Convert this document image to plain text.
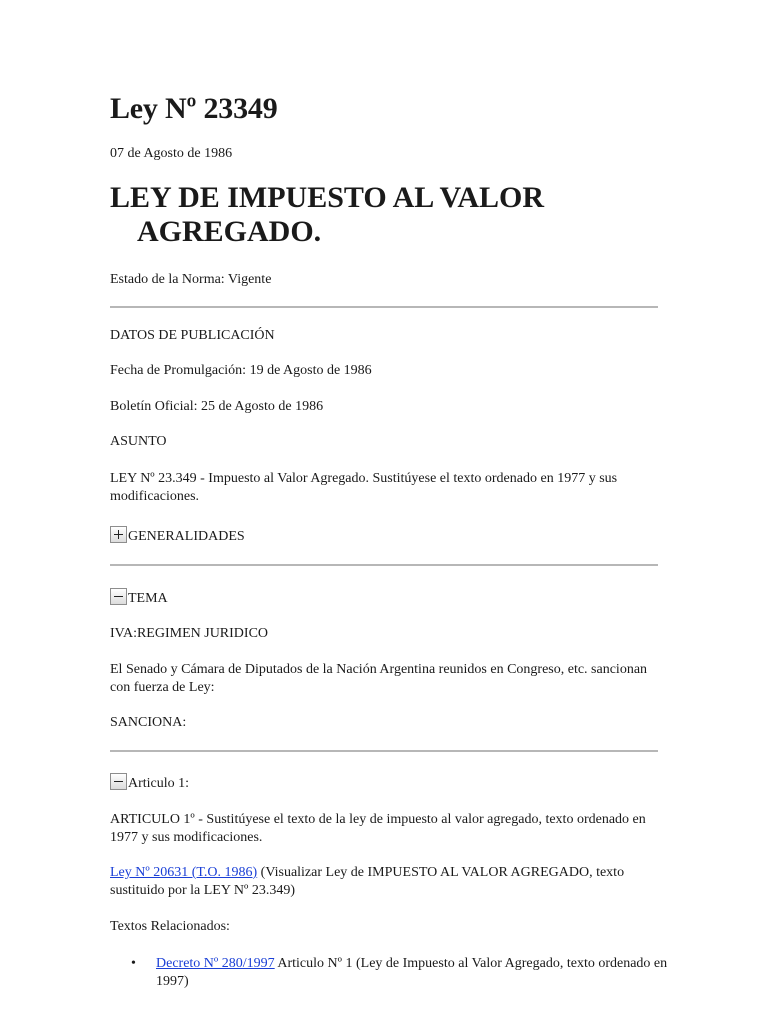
Ley Nº 23349
07 de Agosto de 1986
LEY DE IMPUESTO AL VALOR
AGREGADO.
Estado de la Norma: Vigente
DATOS DE PUBLICACIÓN
Fecha de Promulgación: 19 de Agosto de 1986
Boletín Oficial: 25 de Agosto de 1986
ASUNTO
LEY Nº 23.349 - Impuesto al Valor Agregado. Sustitúyese el texto ordenado en 1977 y sus modificaciones.
GENERALIDADES
TEMA
IVA:REGIMEN JURIDICO
El Senado y Cámara de Diputados de la Nación Argentina reunidos en Congreso, etc. sancionan con fuerza de Ley:
SANCIONA:
Articulo 1:
ARTICULO 1º - Sustitúyese el texto de la ley de impuesto al valor agregado, texto ordenado en 1977 y sus modificaciones.
Ley Nº 20631 (T.O. 1986) (Visualizar Ley de IMPUESTO AL VALOR AGREGADO, texto sustituido por la LEY Nº 23.349)
Textos Relacionados:
• Decreto Nº 280/1997 Articulo Nº 1 (Ley de Impuesto al Valor Agregado, texto ordenado en 1997)
